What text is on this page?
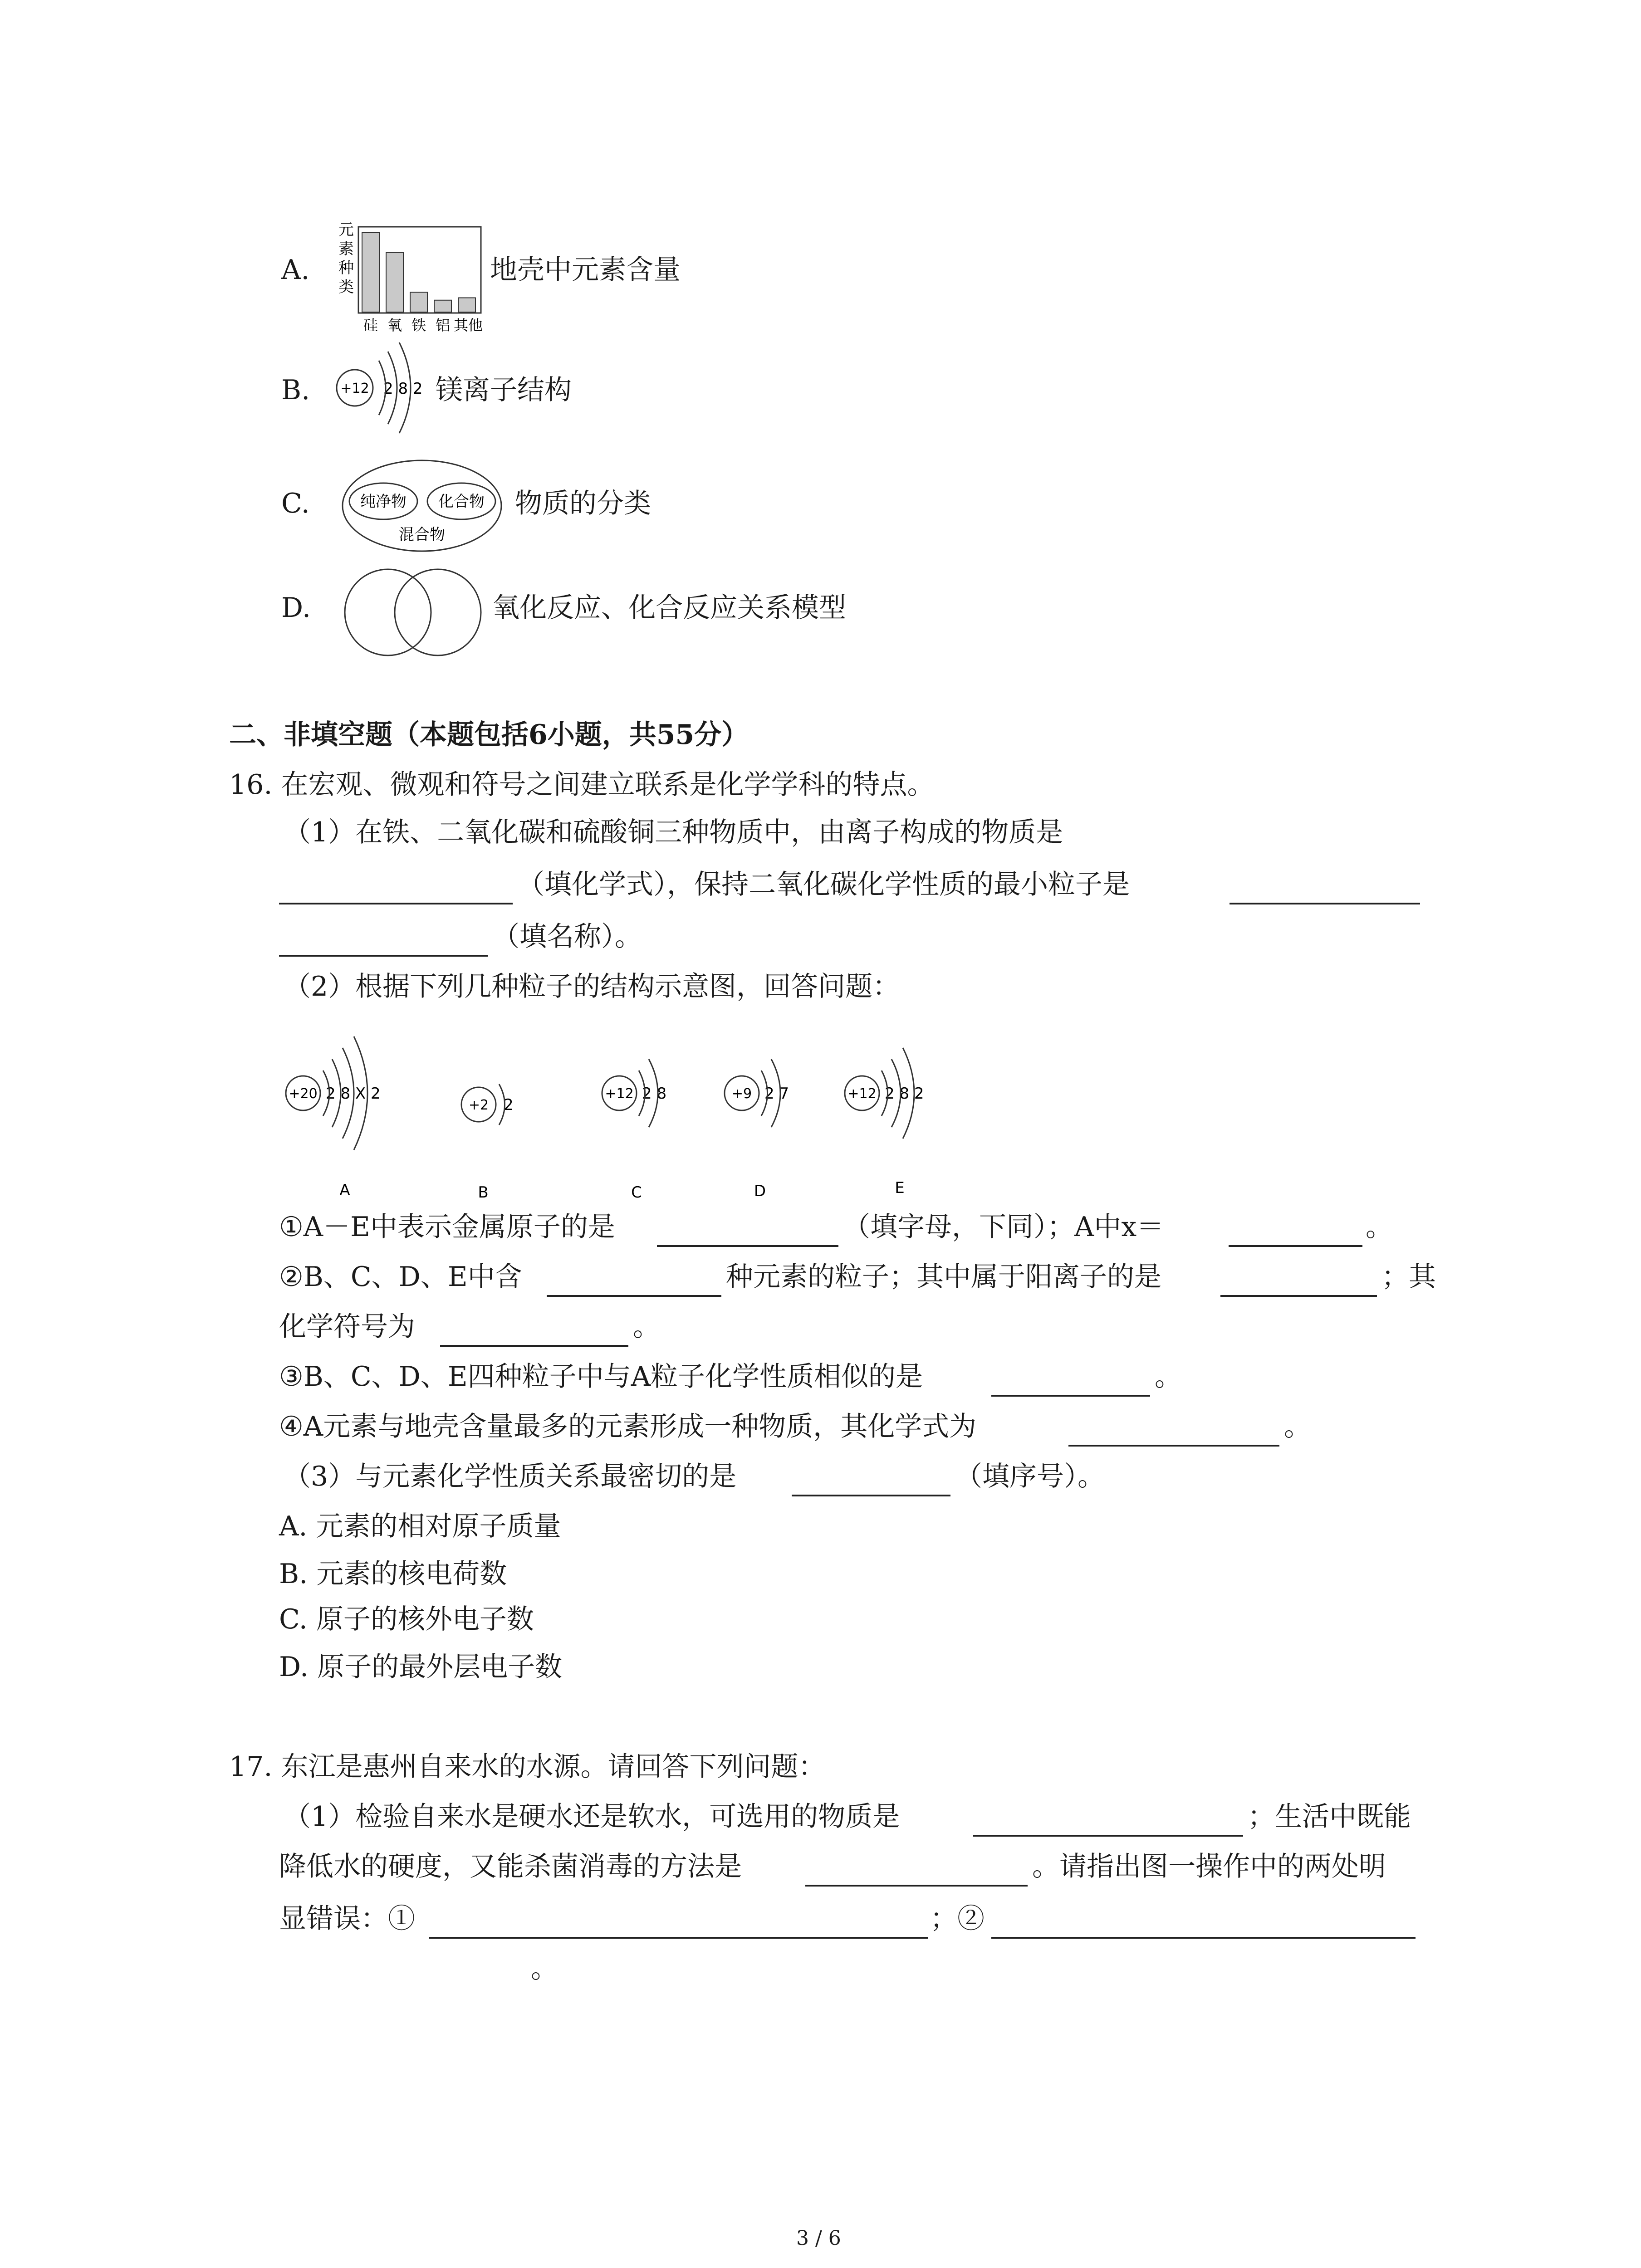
A.
元
素
种
类
硅 氧 铁 铝 其他
地壳中元素含量
B. +12 2 8 2 镁离子结构
C.	纯净物 化合物
混合物
物质的分类
D.	氧化反应、化合反应关系模型
二、非填空题（本题包括6小题，共55分）
16. 在宏观、微观和符号之间建立联系是化学学科的特点。
（1）在铁、二氧化碳和硫酸铜三种物质中，由离子构成的物质是
（填化学式），保持二氧化碳化学性质的最小粒子是
（填名称）。
（2）根据下列几种粒子的结构示意图，回答问题：
+20 2 8 X 2
A
+2 2
B
+12 2 8
C
+9 2 7
D
+12 2 8 2
E
①A－E中表示金属原子的是	（填字母，下同）；A中x＝	。
②B、C、D、E中含	种元素的粒子；其中属于阳离子的是	；其
化学符号为	。
③B、C、D、E四种粒子中与A粒子化学性质相似的是	。
④A元素与地壳含量最多的元素形成一种物质，其化学式为	。
（3）与元素化学性质关系最密切的是	（填序号）。
A. 元素的相对原子质量
B. 元素的核电荷数
C. 原子的核外电子数
D. 原子的最外层电子数
17. 东江是惠州自来水的水源。请回答下列问题：
（1）检验自来水是硬水还是软水，可选用的物质是	；生活中既能
降低水的硬度，又能杀菌消毒的方法是	。请指出图一操作中的两处明
显错误：①	；②
。
3 / 6
